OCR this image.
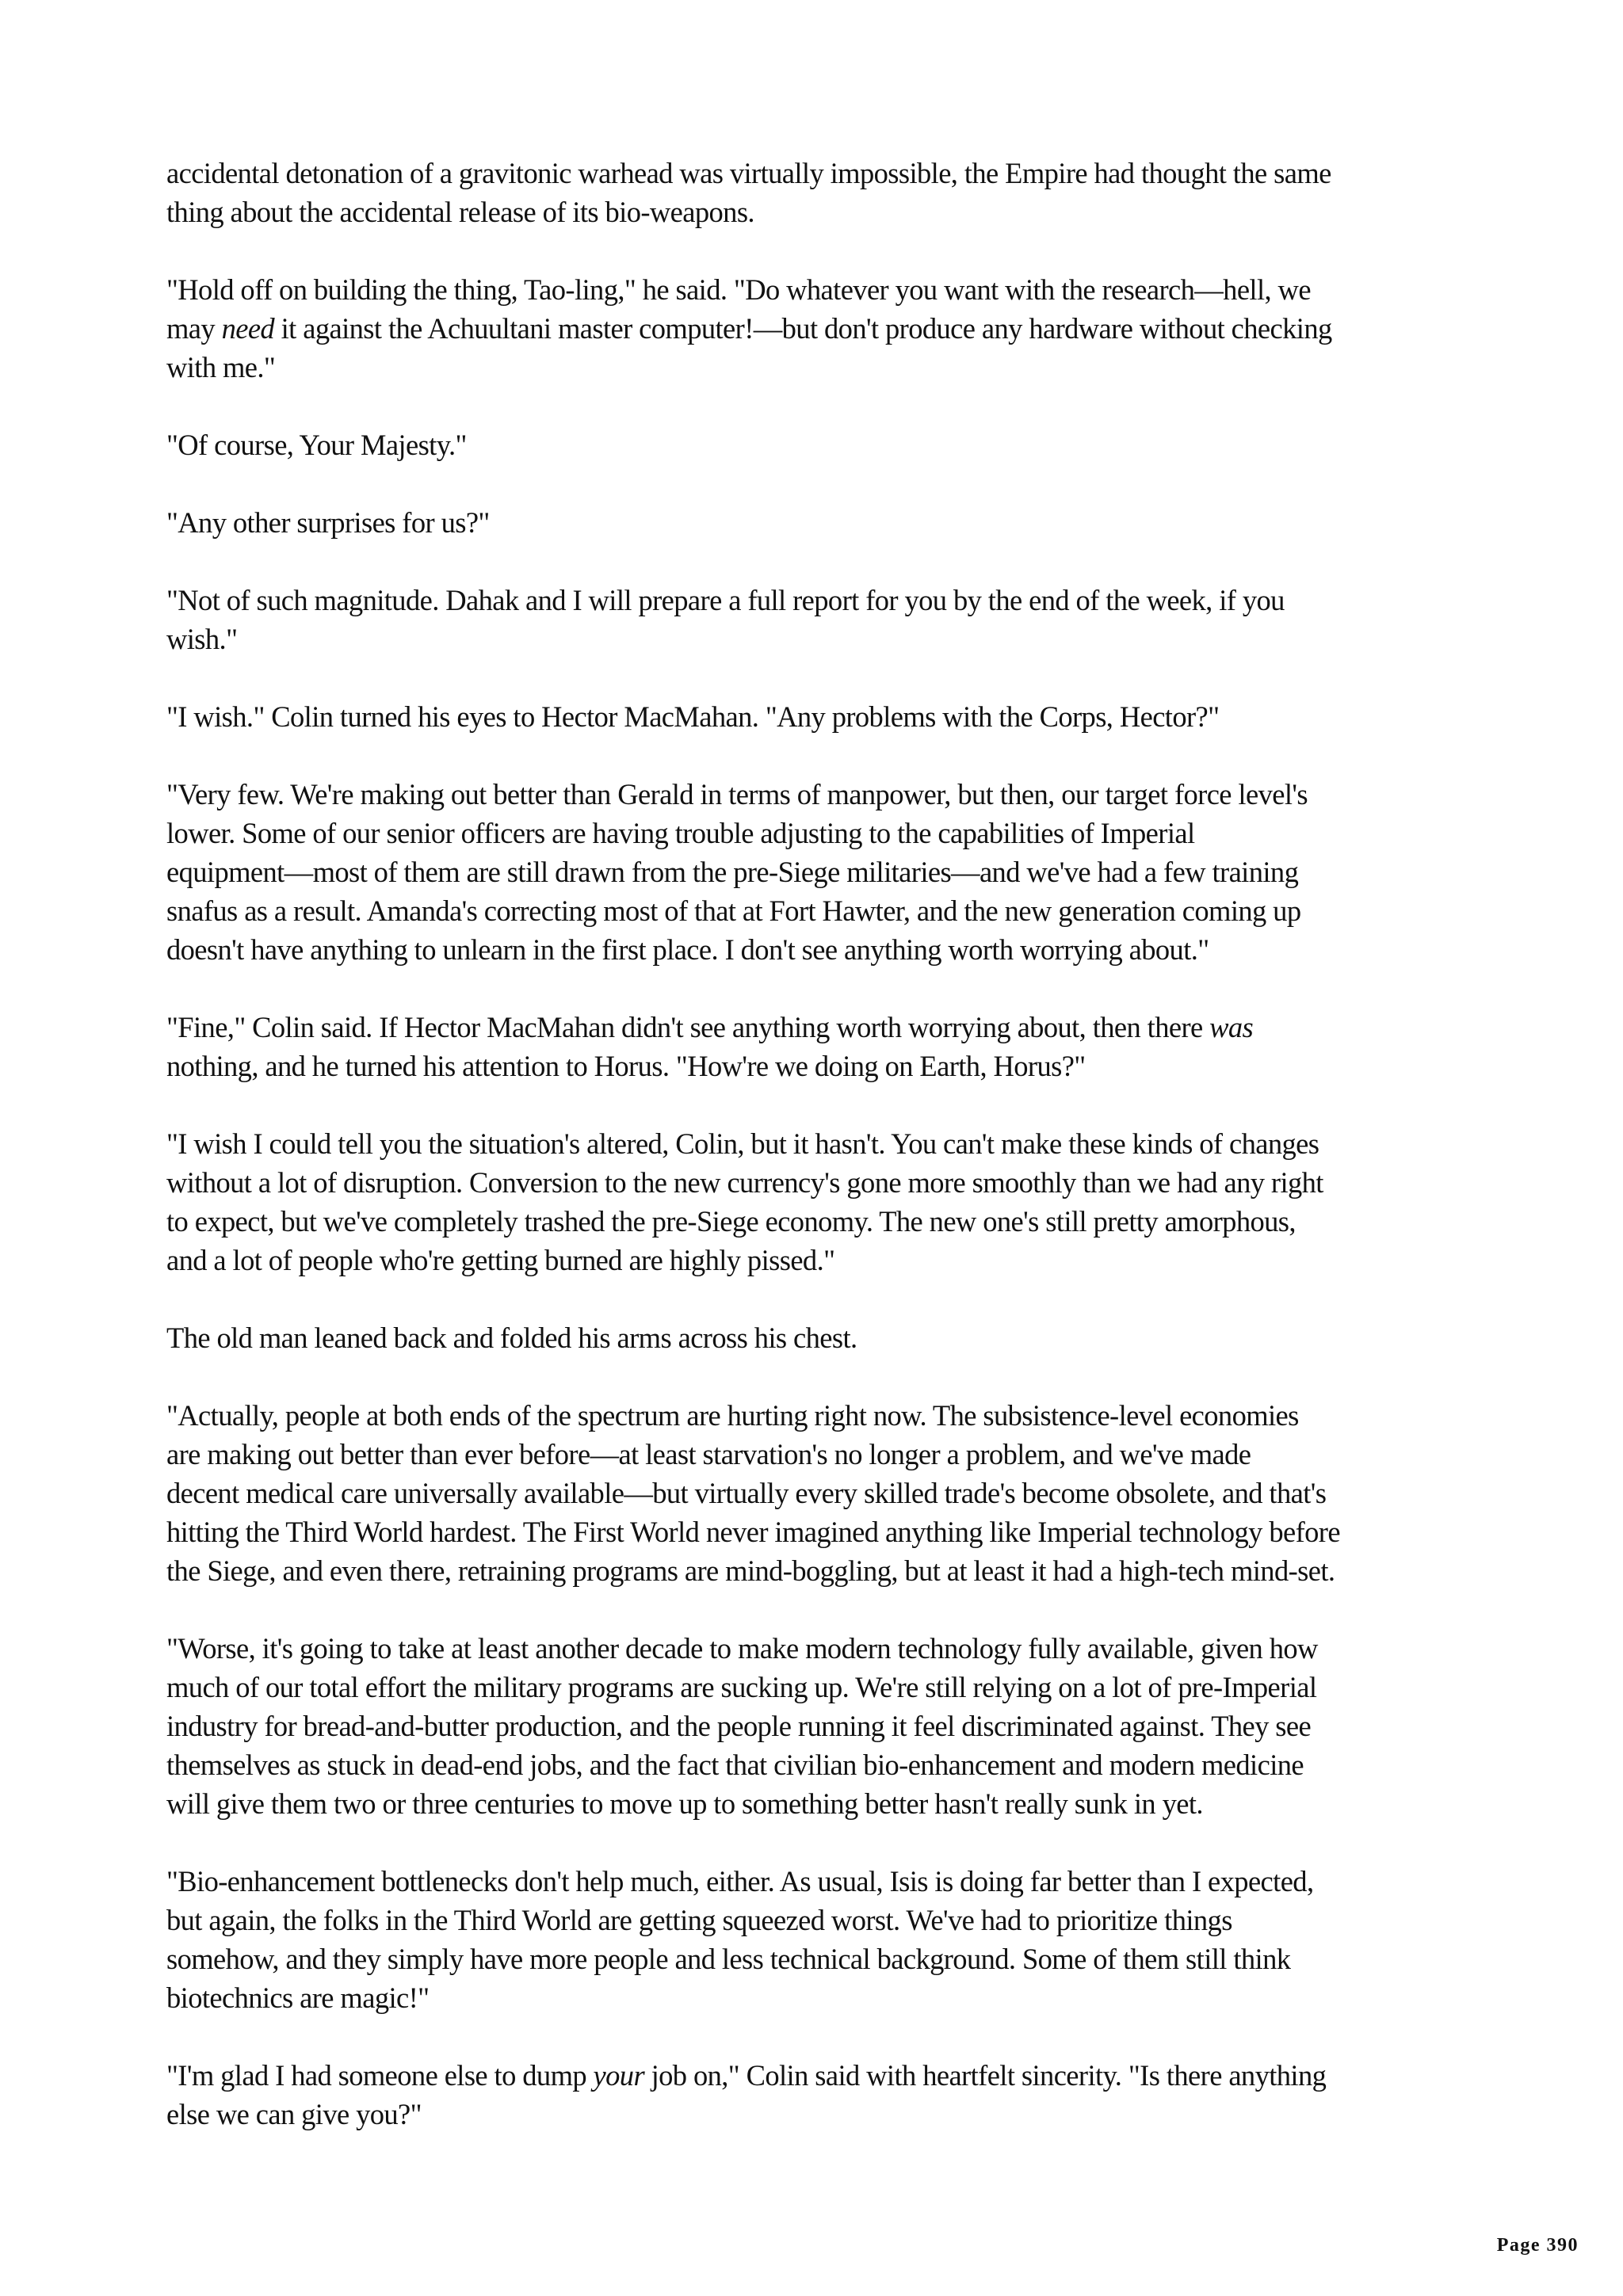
accidental detonation of a gravitonic warhead was virtually impossible, the Empire had thought the same
thing about the accidental release of its bio-weapons.

"Hold off on building the thing, Tao-ling," he said. "Do whatever you want with the research—hell, we
may need it against the Achuultani master computer!—but don't produce any hardware without checking
with me."

"Of course, Your Majesty."

"Any other surprises for us?"

"Not of such magnitude. Dahak and I will prepare a full report for you by the end of the week, if you
wish."

"I wish." Colin turned his eyes to Hector MacMahan. "Any problems with the Corps, Hector?"

"Very few. We're making out better than Gerald in terms of manpower, but then, our target force level's
lower. Some of our senior officers are having trouble adjusting to the capabilities of Imperial
equipment—most of them are still drawn from the pre-Siege militaries—and we've had a few training
snafus as a result. Amanda's correcting most of that at Fort Hawter, and the new generation coming up
doesn't have anything to unlearn in the first place. I don't see anything worth worrying about."

"Fine," Colin said. If Hector MacMahan didn't see anything worth worrying about, then there was
nothing, and he turned his attention to Horus. "How're we doing on Earth, Horus?"

"I wish I could tell you the situation's altered, Colin, but it hasn't. You can't make these kinds of changes
without a lot of disruption. Conversion to the new currency's gone more smoothly than we had any right
to expect, but we've completely trashed the pre-Siege economy. The new one's still pretty amorphous,
and a lot of people who're getting burned are highly pissed."

The old man leaned back and folded his arms across his chest.

"Actually, people at both ends of the spectrum are hurting right now. The subsistence-level economies
are making out better than ever before—at least starvation's no longer a problem, and we've made
decent medical care universally available—but virtually every skilled trade's become obsolete, and that's
hitting the Third World hardest. The First World never imagined anything like Imperial technology before
the Siege, and even there, retraining programs are mind-boggling, but at least it had a high-tech mind-set.

"Worse, it's going to take at least another decade to make modern technology fully available, given how
much of our total effort the military programs are sucking up. We're still relying on a lot of pre-Imperial
industry for bread-and-butter production, and the people running it feel discriminated against. They see
themselves as stuck in dead-end jobs, and the fact that civilian bio-enhancement and modern medicine
will give them two or three centuries to move up to something better hasn't really sunk in yet.

"Bio-enhancement bottlenecks don't help much, either. As usual, Isis is doing far better than I expected,
but again, the folks in the Third World are getting squeezed worst. We've had to prioritize things
somehow, and they simply have more people and less technical background. Some of them still think
biotechnics are magic!"

"I'm glad I had someone else to dump your job on," Colin said with heartfelt sincerity. "Is there anything
else we can give you?"

Page 390
